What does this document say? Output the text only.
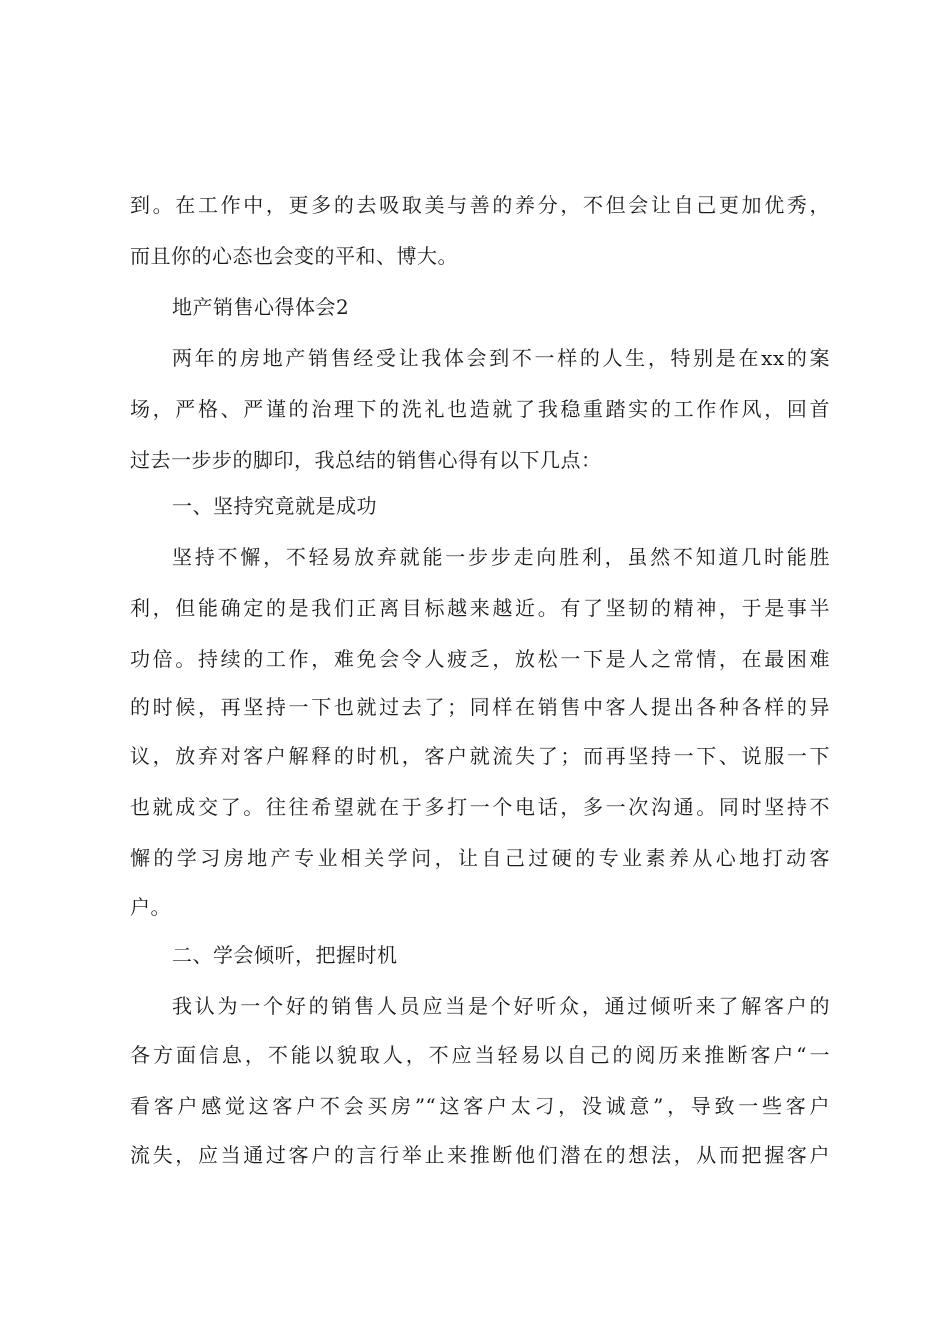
到。在工作中，更多的去吸取美与善的养分，不但会让自己更加优秀，
而且你的心态也会变的平和、博大。
地产销售心得体会2
两年的房地产销售经受让我体会到不一样的人生，特别是在xx的案
场，严格、严谨的治理下的洗礼也造就了我稳重踏实的工作作风，回首
过去一步步的脚印，我总结的销售心得有以下几点：
一、坚持究竟就是成功
坚持不懈，不轻易放弃就能一步步走向胜利，虽然不知道几时能胜
利，但能确定的是我们正离目标越来越近。有了坚韧的精神，于是事半
功倍。持续的工作，难免会令人疲乏，放松一下是人之常情，在最困难
的时候，再坚持一下也就过去了；同样在销售中客人提出各种各样的异
议，放弃对客户解释的时机，客户就流失了；而再坚持一下、说服一下
也就成交了。往往希望就在于多打一个电话，多一次沟通。同时坚持不
懈的学习房地产专业相关学问，让自己过硬的专业素养从心地打动客
户。
二、学会倾听，把握时机
我认为一个好的销售人员应当是个好听众，通过倾听来了解客户的
各方面信息，不能以貌取人，不应当轻易以自己的阅历来推断客户“一
看客户感觉这客户不会买房”“这客户太刁，没诚意”，导致一些客户
流失，应当通过客户的言行举止来推断他们潜在的想法，从而把握客户
